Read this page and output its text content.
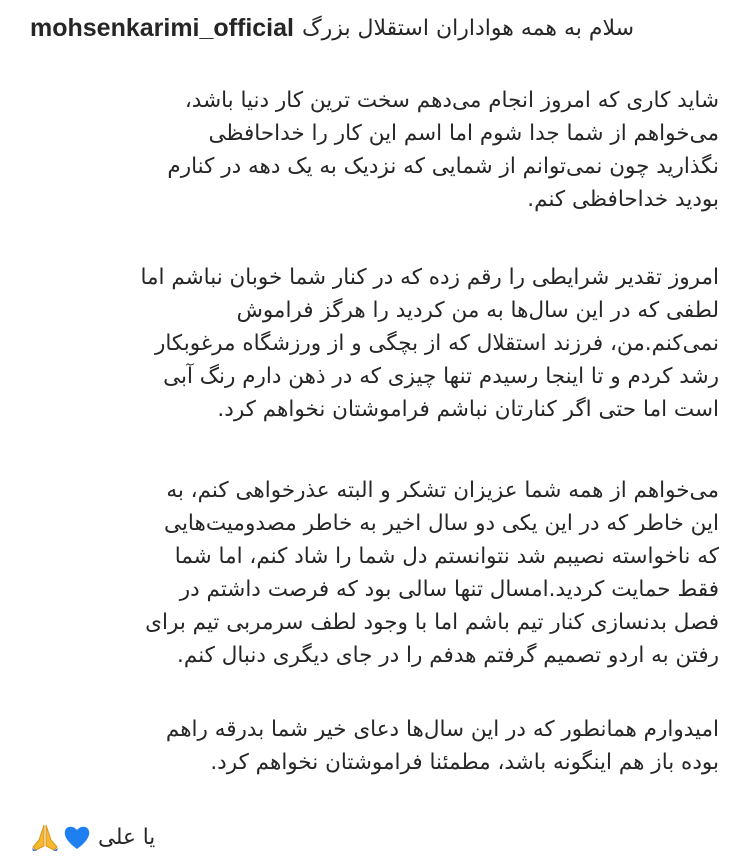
mohsenkarimi_official سلام به همه هواداران استقلال بزرگ
شاید کاری که امروز انجام می‌دهم سخت ترین کار دنیا باشد،
می‌خواهم از شما جدا شوم اما اسم این کار را خداحافظی
نگذارید چون نمی‌توانم از شمایی که نزدیک به یک دهه در کنارم
بودید خداحافظی کنم.
امروز تقدیر شرایطی را رقم زده که در کنار شما خوبان نباشم اما
لطفی که در این سال‌ها به من کردید را هرگز فراموش
نمی‌کنم.من، فرزند استقلال که از بچگی و از ورزشگاه مرغوبکار
رشد کردم و تا اینجا رسیدم تنها چیزی که در ذهن دارم رنگ آبی
است اما حتی اگر کنارتان نباشم فراموشتان نخواهم کرد.
می‌خواهم از همه شما عزیزان تشکر و البته عذرخواهی کنم، به
این خاطر که در این یکی دو سال اخیر به خاطر مصدومیت‌هایی
که ناخواسته نصیبم شد نتوانستم دل شما را شاد کنم، اما شما
فقط حمایت کردید.امسال تنها سالی بود که فرصت داشتم در
فصل بدنسازی کنار تیم باشم اما با وجود لطف سرمربی تیم برای
رفتن به اردو تصمیم گرفتم هدفم را در جای دیگری دنبال کنم.
امیدوارم همانطور که در این سال‌ها دعای خیر شما بدرقه راهم
بوده باز هم اینگونه باشد، مطمئنا فراموشتان نخواهم کرد.
یا علی
